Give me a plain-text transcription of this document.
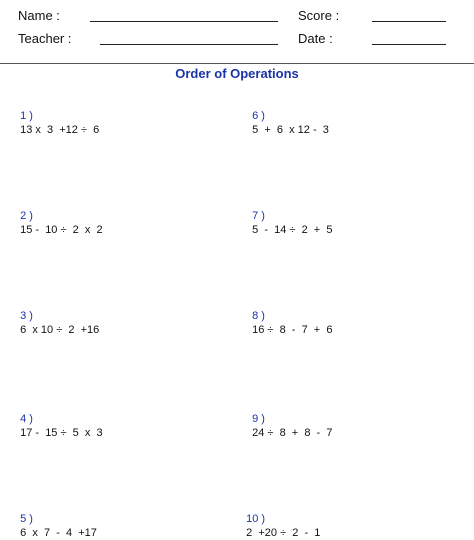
Name :	Score :
Teacher :	Date :
Order of Operations

1 )
13 x  3  +12 ÷  6

2 )
15 -  10 ÷  2  x  2

3 )
6  x 10 ÷  2  +16

4 )
17 -  15 ÷  5  x  3

5 )
6  x  7  -  4  +17

6 )
5  +  6  x 12 -  3

7 )
5  -  14 ÷  2  +  5

8 )
16 ÷  8  -  7  +  6

9 )
24 ÷  8  +  8  -  7

10 )
2  +20 ÷  2  -  1
